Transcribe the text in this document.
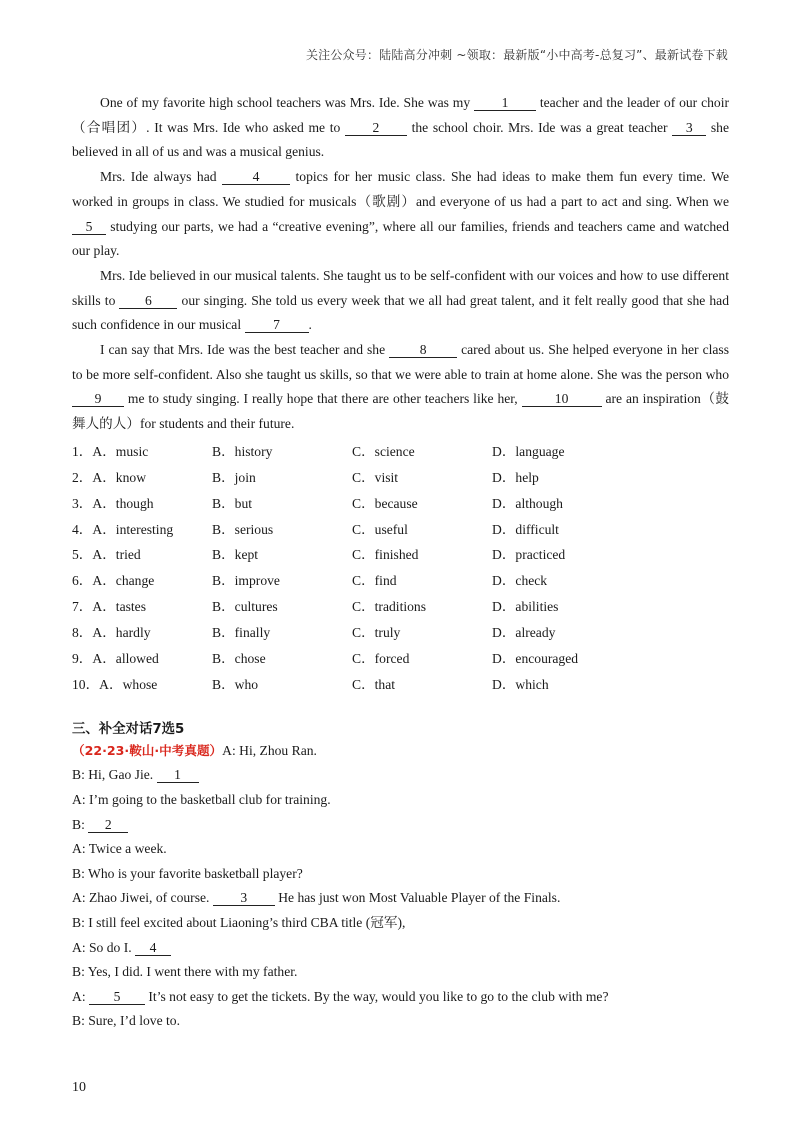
关注公众号：陆陆高分冲刺 ~领取：最新版“小中高考-总复习”、最新试卷下载

One of my favorite high school teachers was Mrs. Ide. She was my 1 teacher and the leader of our choir（合唱团）. It was Mrs. Ide who asked me to 2 the school choir. Mrs. Ide was a great teacher 3 she believed in all of us and was a musical genius.

Mrs. Ide always had 4 topics for her music class. She had ideas to make them fun every time. We worked in groups in class. We studied for musicals（歌剧）and everyone of us had a part to act and sing. When we 5 studying our parts, we had a “creative evening”, where all our families, friends and teachers came and watched our play.

Mrs. Ide believed in our musical talents. She taught us to be self-confident with our voices and how to use different skills to 6 our singing. She told us every week that we all had great talent, and it felt really good that she had such confidence in our musical 7 .

I can say that Mrs. Ide was the best teacher and she 8 cared about us. She helped everyone in her class to be more self-confident. Also she taught us skills, so that we were able to train at home alone. She was the person who 9 me to study singing. I really hope that there are other teachers like her, 10 are an inspiration（鼓舞人的人）for students and their future.

1．A．music	B．history	C．science	D．language
2．A．know	B．join	C．visit	D．help
3．A．though	B．but	C．because	D．although
4．A．interesting	B．serious	C．useful	D．difficult
5．A．tried	B．kept	C．finished	D．practiced
6．A．change	B．improve	C．find	D．check
7．A．tastes	B．cultures	C．traditions	D．abilities
8．A．hardly	B．finally	C．truly	D．already
9．A．allowed	B．chose	C．forced	D．encouraged
10．A．whose	B．who	C．that	D．which
三、补全对话7选5

（22·23·鞍山·中考真题）A: Hi, Zhou Ran.

B: Hi, Gao Jie. 1

A: I’m going to the basketball club for training.

B: 2

A: Twice a week.

B: Who is your favorite basketball player?

A: Zhao Jiwei, of course. 3 He has just won Most Valuable Player of the Finals.

B: I still feel excited about Liaoning’s third CBA title (冠军),

A: So do I. 4

B: Yes, I did. I went there with my father.

A: 5 It’s not easy to get the tickets. By the way, would you like to go to the club with me?

B: Sure, I’d love to.

10
